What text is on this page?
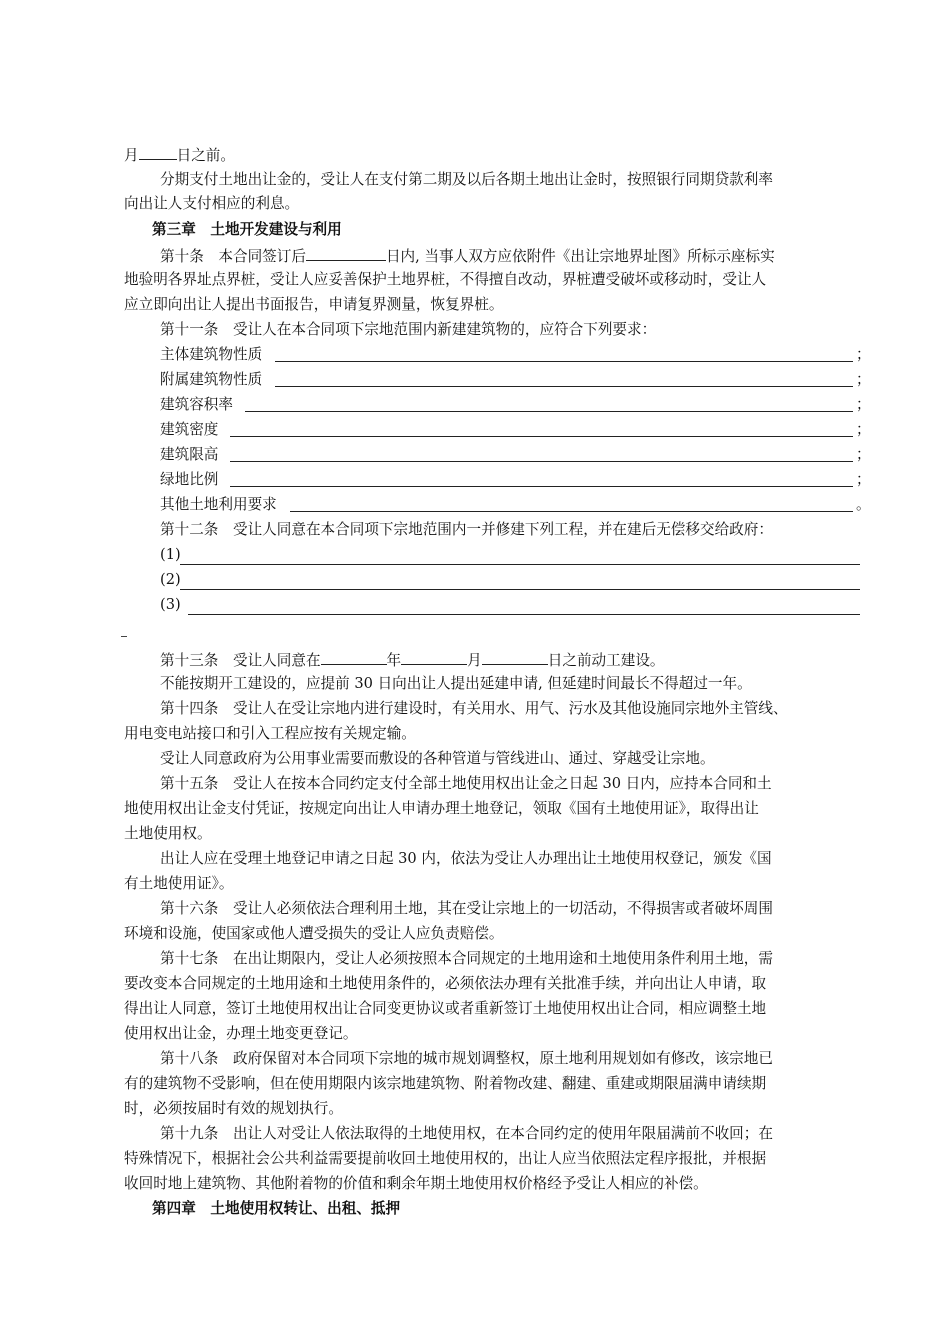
月	日之前。
分期支付土地出让金的，受让人在支付第二期及以后各期土地出让金时，按照银行同期贷款利率
向出让人支付相应的利息。
第三章　土地开发建设与利用
第十条　本合同签订后	日内, 当事人双方应依附件《出让宗地界址图》所标示座标实
地验明各界址点界桩，受让人应妥善保护土地界桩，不得擅自改动，界桩遭受破坏或移动时，受让人
应立即向出让人提出书面报告，申请复界测量，恢复界桩。
第十一条　受让人在本合同项下宗地范围内新建建筑物的，应符合下列要求：
主体建筑物性质	；
附属建筑物性质	；
建筑容积率	；
建筑密度	；
建筑限高	；
绿地比例	；
其他土地利用要求	。
第十二条　受让人同意在本合同项下宗地范围内一并修建下列工程，并在建后无偿移交给政府：
(1)
(2)
(3)
第十三条　受让人同意在	年	月	日之前动工建设。
不能按期开工建设的，应提前 30 日向出让人提出延建申请, 但延建时间最长不得超过一年。
第十四条　受让人在受让宗地内进行建设时，有关用水、用气、污水及其他设施同宗地外主管线、
用电变电站接口和引入工程应按有关规定输。
受让人同意政府为公用事业需要而敷设的各种管道与管线进山、通过、穿越受让宗地。
第十五条　受让人在按本合同约定支付全部土地使用权出让金之日起 30 日内，应持本合同和土
地使用权出让金支付凭证，按规定向出让人申请办理土地登记，领取《国有土地使用证》，取得出让
土地使用权。
出让人应在受理土地登记申请之日起 30 内，依法为受让人办理出让土地使用权登记，颁发《国
有土地使用证》。
第十六条　受让人必须依法合理利用土地，其在受让宗地上的一切活动，不得损害或者破坏周围
环境和设施，使国家或他人遭受损失的受让人应负责赔偿。
第十七条　在出让期限内，受让人必须按照本合同规定的土地用途和土地使用条件利用土地，需
要改变本合同规定的土地用途和土地使用条件的，必须依法办理有关批准手续，并向出让人申请，取
得出让人同意，签订土地使用权出让合同变更协议或者重新签订土地使用权出让合同，相应调整土地
使用权出让金，办理土地变更登记。
第十八条　政府保留对本合同项下宗地的城市规划调整权，原土地利用规划如有修改，该宗地已
有的建筑物不受影响，但在使用期限内该宗地建筑物、附着物改建、翻建、重建或期限届满申请续期
时，必须按届时有效的规划执行。
第十九条　出让人对受让人依法取得的土地使用权，在本合同约定的使用年限届满前不收回；在
特殊情况下，根据社会公共利益需要提前收回土地使用权的，出让人应当依照法定程序报批，并根据
收回时地上建筑物、其他附着物的价值和剩余年期土地使用权价格经予受让人相应的补偿。
第四章　土地使用权转让、出租、抵押
